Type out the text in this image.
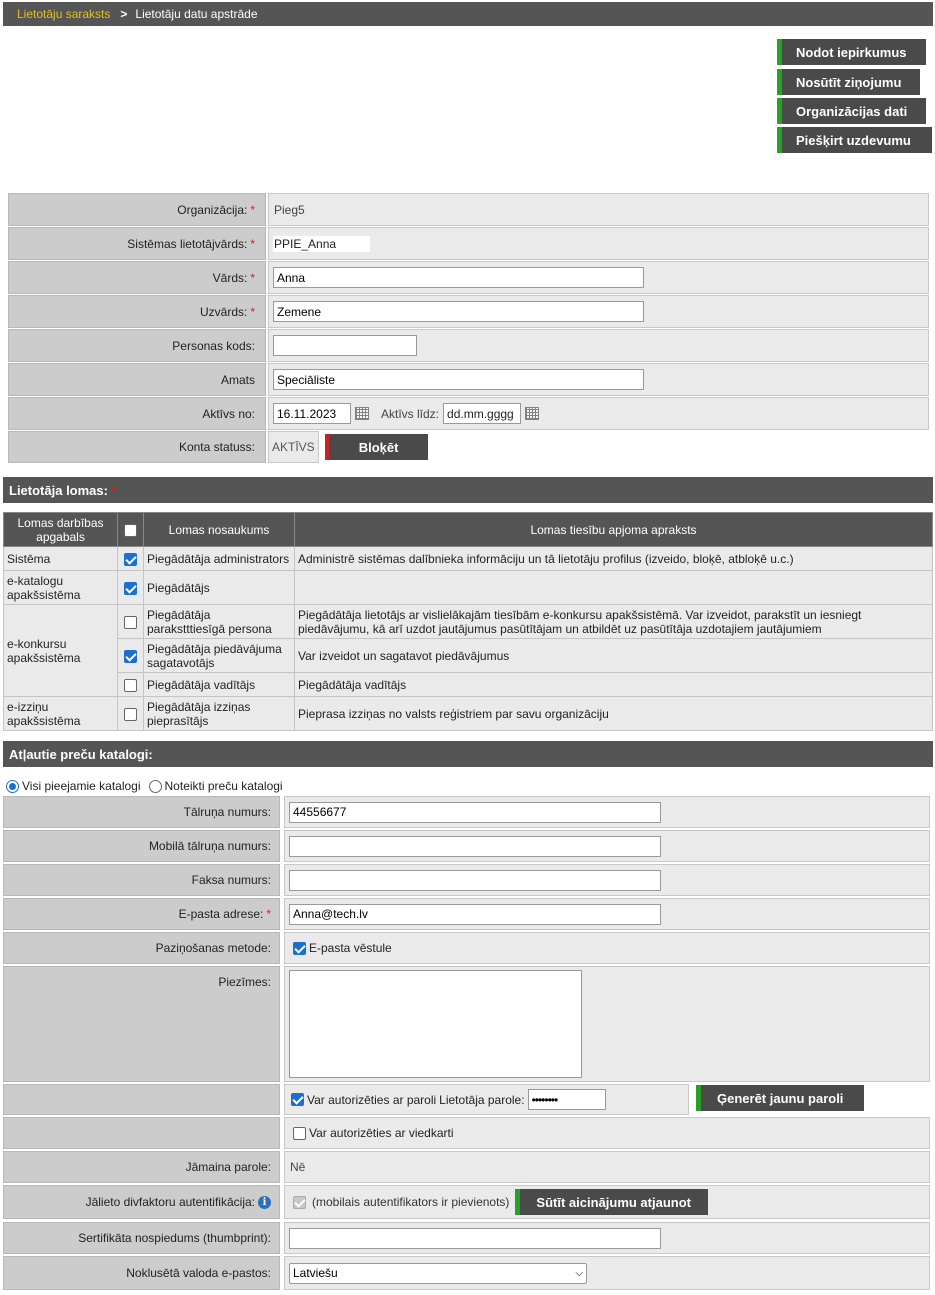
Lietotāju saraksts > Lietotāju datu apstrāde
Nodot iepirkumus
Nosūtīt ziņojumu
Organizācijas dati
Piešķirt uzdevumu
Organizācija: *	Pieg5
Sistēmas lietotājvārds: * PPIE_Anna
Vārds: *	Anna
Uzvārds: *	Zemene
Personas kods:
Amats	Speciāliste
Aktīvs no:	16.11.2023	Aktīvs līdz: dd.mm.gggg
Konta statuss:	AKTĪVS	Bloķēt
Lietotāja lomas: *
Lomas darbības apgabals		Lomas nosaukums	Lomas tiesību apjoma apraksts
Sistēma		Piegādātāja administrators	Administrē sistēmas dalībnieka informāciju un tā lietotāju profilus (izveido, bloķē, atbloķē u.c.)
e-katalogu apakšsistēma		Piegādātājs	
e-konkursu apakšsistēma		Piegādātāja parakstttiesīgā persona	Piegādātāja lietotājs ar vislielākajām tiesībām e-konkursu apakšsistēmā. Var izveidot, parakstīt un iesniegt piedāvājumu, kā arī uzdot jautājumus pasūtītājam un atbildēt uz pasūtītāja uzdotajiem jautājumiem
		Piegādātāja piedāvājuma sagatavotājs	Var izveidot un sagatavot piedāvājumus
		Piegādātāja vadītājs	Piegādātāja vadītājs
e-izziņu apakšsistēma		Piegādātāja izziņas pieprasītājs	Pieprasa izziņas no valsts reģistriem par savu organizāciju
Atļautie preču katalogi:
Visi pieejamie katalogi Noteikti preču katalogi
Tālruņa numurs:	44556677
Mobilā tālruņa numurs:
Faksa numurs:
E-pasta adrese: *	Anna@tech.lv
Paziņošanas metode:	E-pasta vēstule
Piezīmes:
Var autorizēties ar paroli Lietotāja parole: ••••••••	Ģenerēt jaunu paroli
Var autorizēties ar viedkarti
Jāmaina parole:	Nē
Jālieto divfaktoru autentifikācija: i	(mobilais autentifikators ir pievienots)	Sūtīt aicinājumu atjaunot
Sertifikāta nospiedums (thumbprint):
Noklusētā valoda e-pastos:	Latviešu	⌵
